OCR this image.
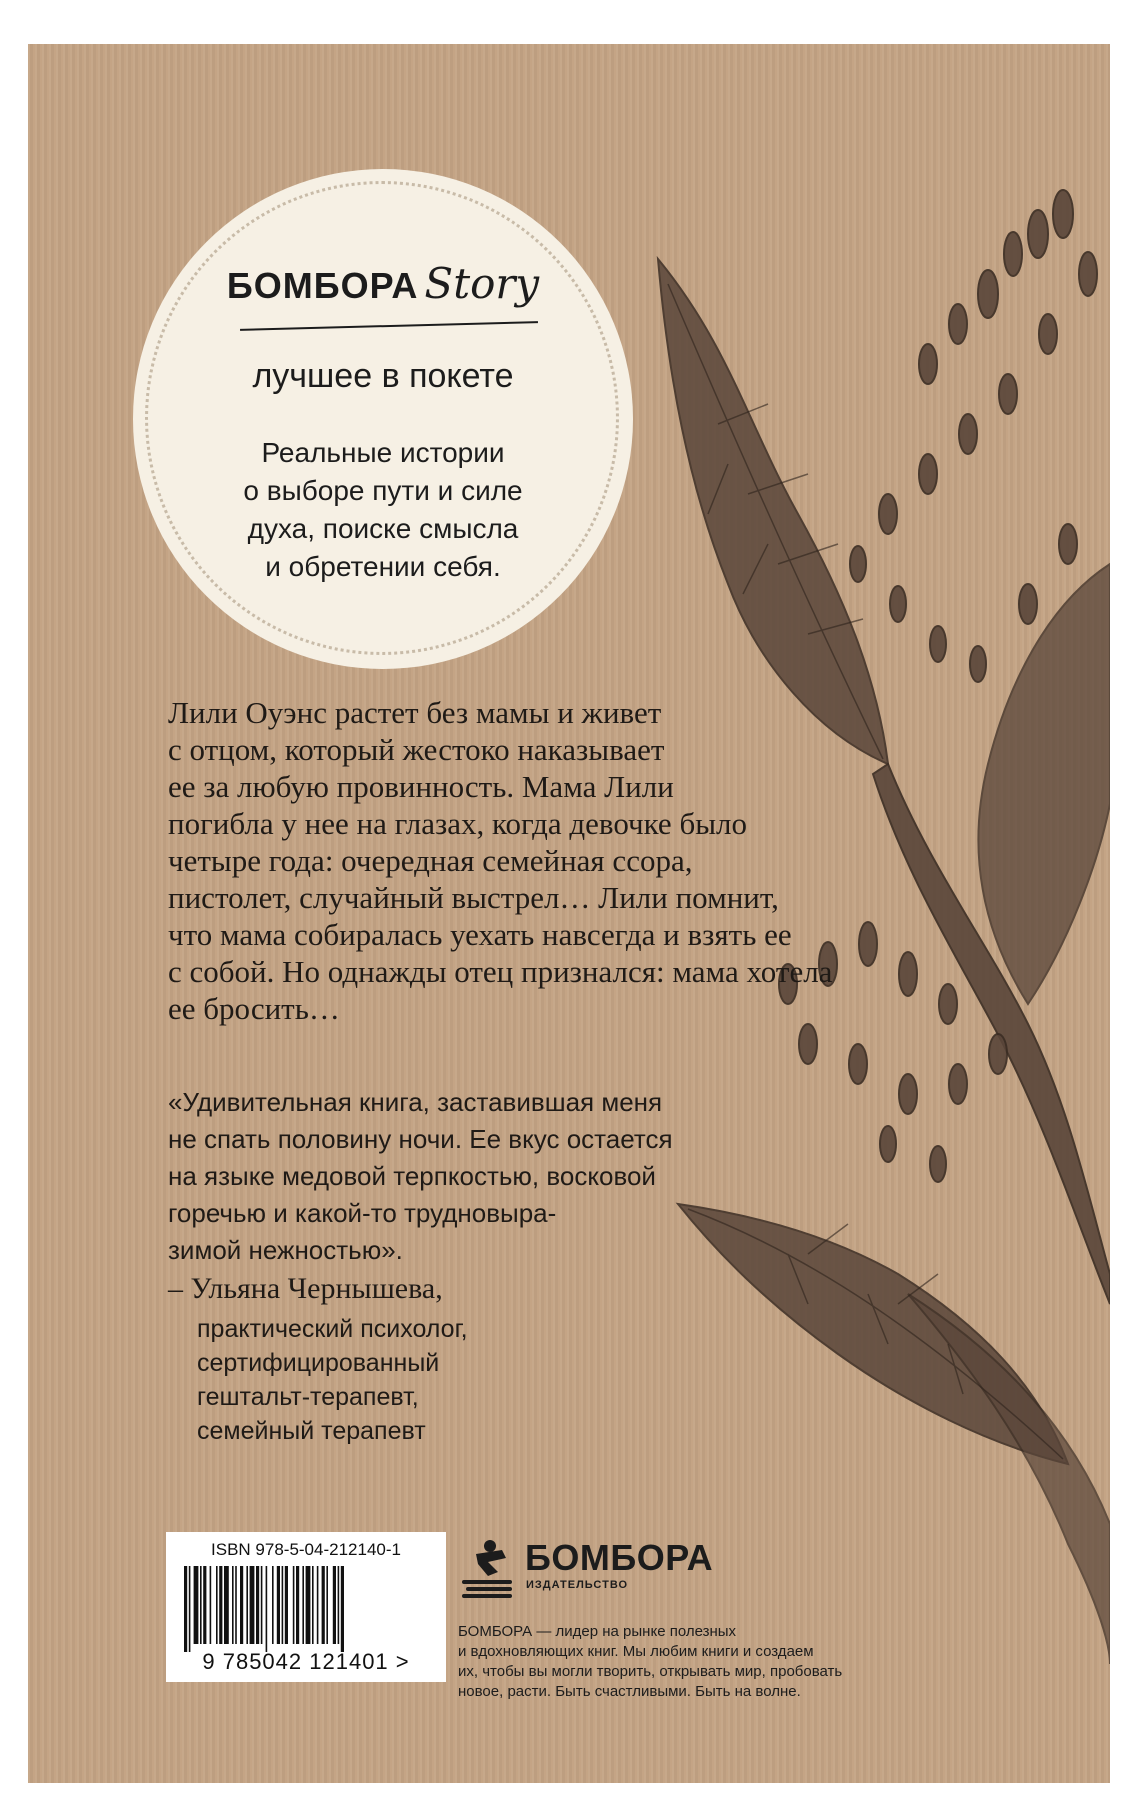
БОМБОРА Story
лучшее в покете
Реальные истории
о выборе пути и силе
духа, поиске смысла
и обретении себя.

Лили Оуэнс растет без мамы и живет

с отцом, который жестоко наказывает

ее за любую провинность. Мама Лили

погибла у нее на глазах, когда девочке было

четыре года: очередная семейная ссора,

пистолет, случайный выстрел… Лили помнит,

что мама собиралась уехать навсегда и взять ее

с собой. Но однажды отец признался: мама хотела

ее бросить…

«Удивительная книга, заставившая меня

не спать половину ночи. Ее вкус остается

на языке медовой терпкостью, восковой

горечью и какой-то трудновыра-

зимой нежностью».

– Ульяна Чернышева,

практический психолог,

сертифицированный

гештальт-терапевт,

семейный терапевт

ISBN 978-5-04-212140-1
9 785042 121401 >
БОМБОРА
ИЗДАТЕЛЬСТВО

БОМБОРА — лидер на рынке полезных

и вдохновляющих книг. Мы любим книги и создаем

их, чтобы вы могли творить, открывать мир, пробовать

новое, расти. Быть счастливыми. Быть на волне.
